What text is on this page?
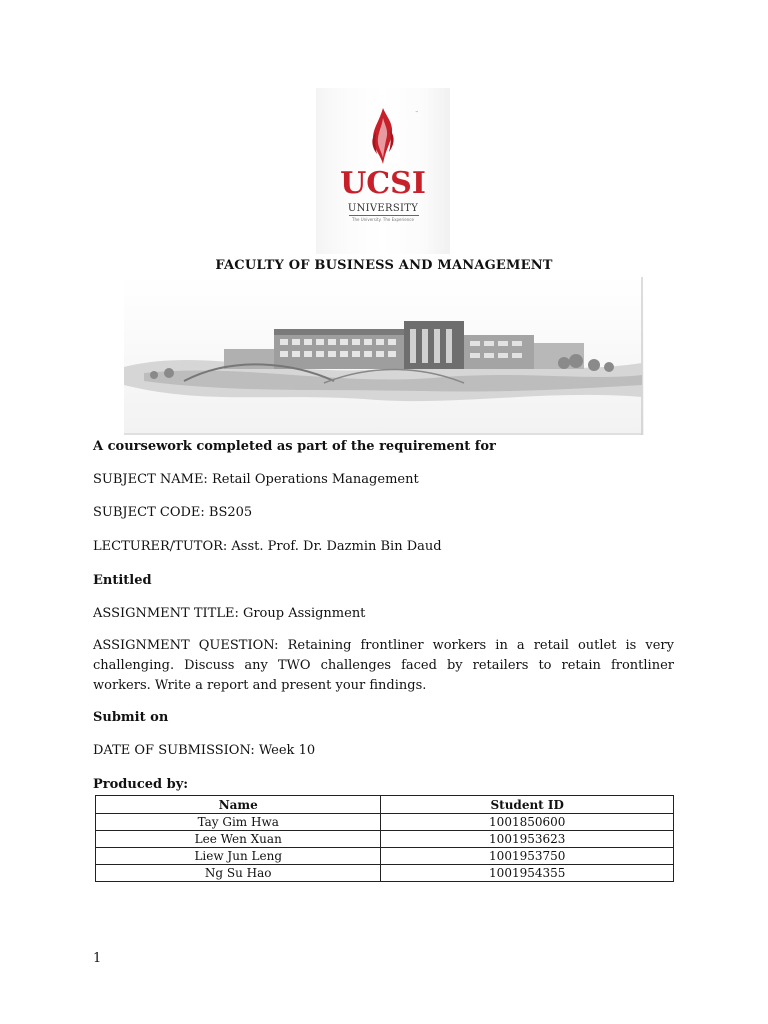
™
UCSI
UNIVERSITY
The University. The Experience
FACULTY OF BUSINESS AND MANAGEMENT
A coursework completed as part of the requirement for
SUBJECT NAME: Retail Operations Management
SUBJECT CODE: BS205
LECTURER/TUTOR: Asst. Prof. Dr. Dazmin Bin Daud
Entitled
ASSIGNMENT TITLE: Group Assignment
ASSIGNMENT QUESTION: Retaining frontliner workers in a retail outlet is very challenging. Discuss any TWO challenges faced by retailers to retain frontliner workers. Write a report and present your findings.
Submit on
DATE OF SUBMISSION: Week 10
Produced by:
Name	Student ID
Tay Gim Hwa	1001850600
Lee Wen Xuan	1001953623
Liew Jun Leng	1001953750
Ng Su Hao	1001954355
1
